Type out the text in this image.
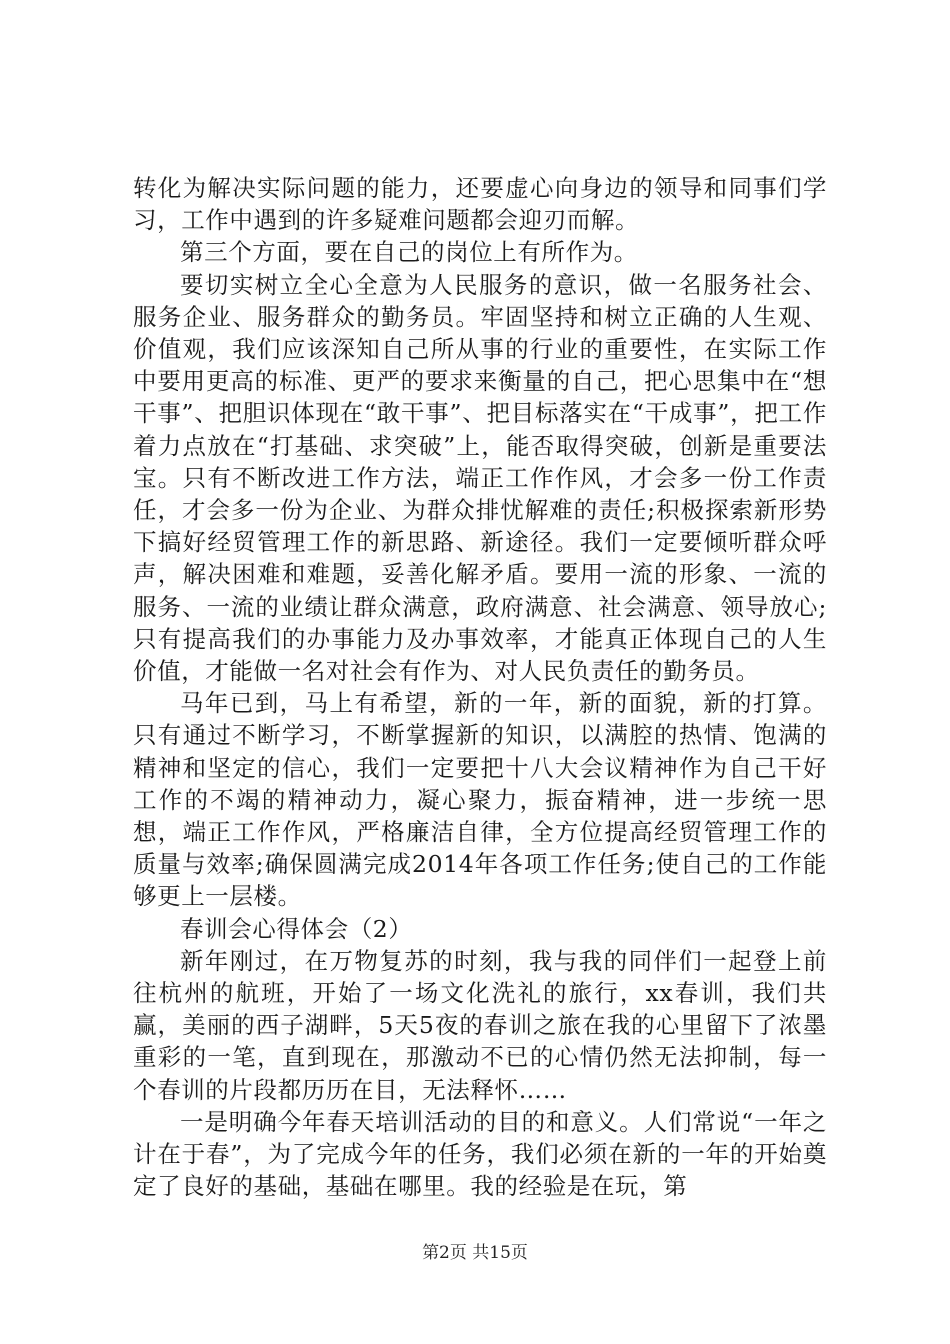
转化为解决实际问题的能力，还要虚心向身边的领导和同事们学习，工作中遇到的许多疑难问题都会迎刃而解。

第三个方面，要在自己的岗位上有所作为。

要切实树立全心全意为人民服务的意识，做一名服务社会、服务企业、服务群众的勤务员。牢固坚持和树立正确的人生观、价值观，我们应该深知自己所从事的行业的重要性，在实际工作中要用更高的标准、更严的要求来衡量的自己，把心思集中在“想干事”、把胆识体现在“敢干事”、把目标落实在“干成事”，把工作着力点放在“打基础、求突破”上，能否取得突破，创新是重要法宝。只有不断改进工作方法，端正工作作风，才会多一份工作责任，才会多一份为企业、为群众排忧解难的责任;积极探索新形势下搞好经贸管理工作的新思路、新途径。我们一定要倾听群众呼声，解决困难和难题，妥善化解矛盾。要用一流的形象、一流的服务、一流的业绩让群众满意，政府满意、社会满意、领导放心;只有提高我们的办事能力及办事效率，才能真正体现自己的人生价值，才能做一名对社会有作为、对人民负责任的勤务员。

马年已到，马上有希望，新的一年，新的面貌，新的打算。只有通过不断学习，不断掌握新的知识，以满腔的热情、饱满的精神和坚定的信心，我们一定要把十八大会议精神作为自己干好工作的不竭的精神动力，凝心聚力，振奋精神，进一步统一思想，端正工作作风，严格廉洁自律，全方位提高经贸管理工作的质量与效率;确保圆满完成2014年各项工作任务;使自己的工作能够更上一层楼。

春训会心得体会（2）

新年刚过，在万物复苏的时刻，我与我的同伴们一起登上前往杭州的航班，开始了一场文化洗礼的旅行，xx春训，我们共赢，美丽的西子湖畔，5天5夜的春训之旅在我的心里留下了浓墨重彩的一笔，直到现在，那激动不已的心情仍然无法抑制，每一个春训的片段都历历在目，无法释怀……

一是明确今年春天培训活动的目的和意义。人们常说“一年之计在于春”，为了完成今年的任务，我们必须在新的一年的开始奠定了良好的基础，基础在哪里。我的经验是在玩，第

第2页 共15页
